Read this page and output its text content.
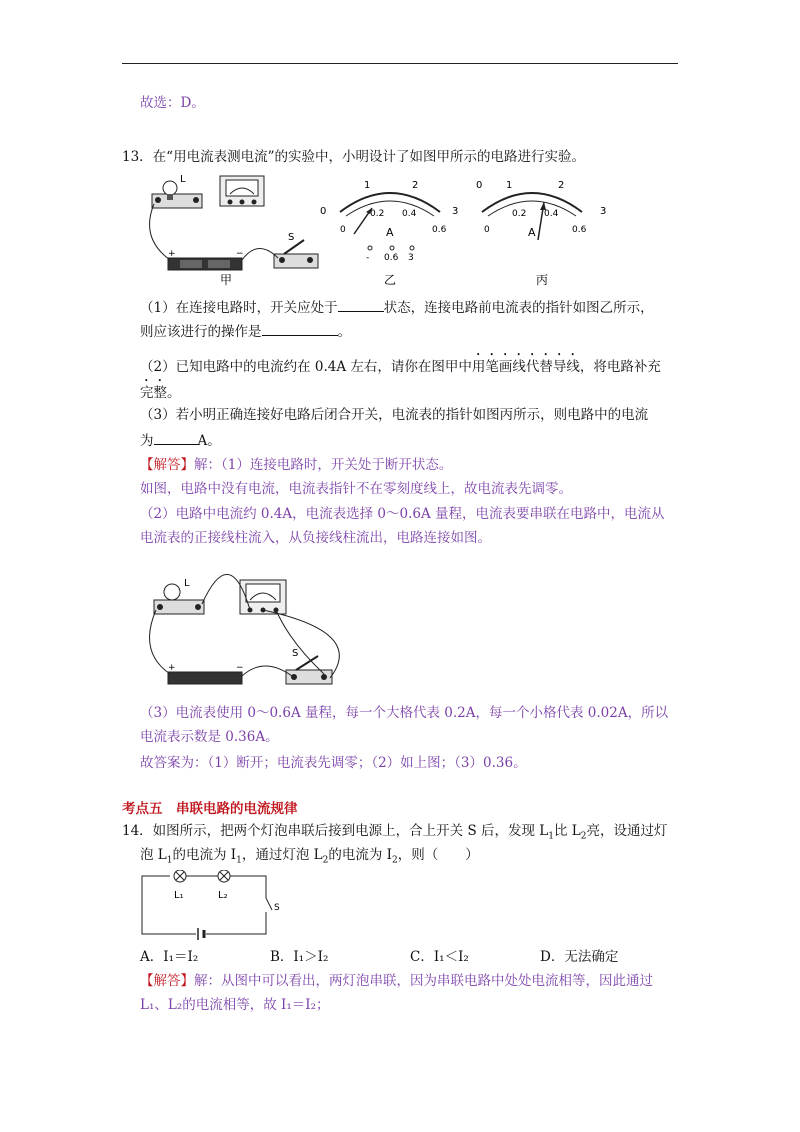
故选：D。
13．在“用电流表测电流”的实验中，小明设计了如图甲所示的电路进行实验。
L
+	−
S
甲
0
1	2
3
0
0.2 0.4
0.6
A
- 0.6 3
乙
0 1	2
3
0
0.2 0.4
0.6
A
丙
（1）在连接电路时，开关应处于	状态，连接电路前电流表的指针如图乙所示，
则应该进行的操作是	。
（2）已知电路中的电流约在 0.4A 左右，请你在图甲中用笔画线代替导线，将电路补充
完整。
（3）若小明正确连接好电路后闭合开关，电流表的指针如图丙所示，则电路中的电流
为	A。
【解答】解：（1）连接电路时，开关处于断开状态。
如图，电路中没有电流，电流表指针不在零刻度线上，故电流表先调零。
（2）电路中电流约 0.4A，电流表选择 0～0.6A 量程，电流表要串联在电路中，电流从
电流表的正接线柱流入，从负接线柱流出，电路连接如图。
L
+	−
S
（3）电流表使用 0～0.6A 量程，每一个大格代表 0.2A，每一个小格代表 0.02A，所以
电流表示数是 0.36A。
故答案为：（1）断开；电流表先调零；（2）如上图；（3）0.36。
考点五　串联电路的电流规律
14．如图所示，把两个灯泡串联后接到电源上，合上开关 S 后，发现 $L_1$比 $L_2$亮，设通过灯
泡 $L_1$的电流为 $I_1$，通过灯泡 $L_2$的电流为 $I_2$，则（　　）
L₁	L₂
S
A．I₁＝I₂	B．I₁＞I₂	C．I₁＜I₂	D．无法确定
【解答】解：从图中可以看出，两灯泡串联，因为串联电路中处处电流相等，因此通过
L₁、L₂的电流相等，故 I₁＝I₂；
